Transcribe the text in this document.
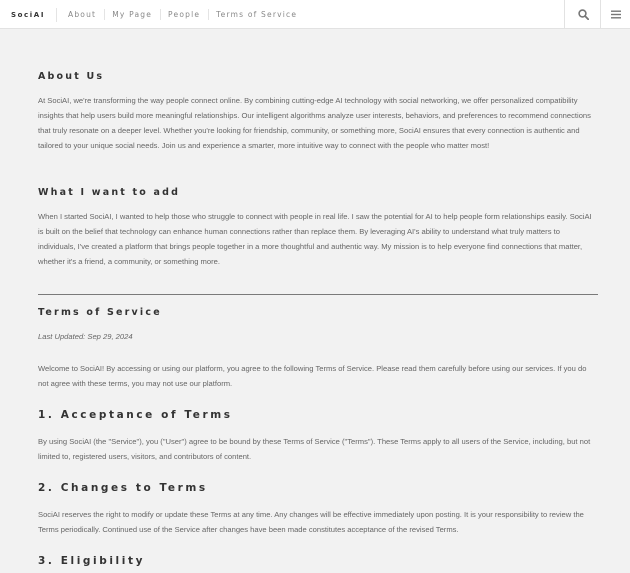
SociAI	About	My Page	People	Terms of Service
About Us

At SociAI, we're transforming the way people connect online. By combining cutting-edge AI technology with social networking, we offer personalized compatibility insights that help users build more meaningful relationships. Our intelligent algorithms analyze user interests, behaviors, and preferences to recommend connections that truly resonate on a deeper level. Whether you're looking for friendship, community, or something more, SociAI ensures that every connection is authentic and tailored to your unique social needs. Join us and experience a smarter, more intuitive way to connect with the people who matter most!

What I want to add

When I started SociAI, I wanted to help those who struggle to connect with people in real life. I saw the potential for AI to help people form relationships easily. SociAI is built on the belief that technology can enhance human connections rather than replace them. By leveraging AI's ability to understand what truly matters to individuals, I've created a platform that brings people together in a more thoughtful and authentic way. My mission is to help everyone find connections that matter, whether it's a friend, a community, or something more.

Terms of Service

Last Updated: Sep 29, 2024

Welcome to SociAI! By accessing or using our platform, you agree to the following Terms of Service. Please read them carefully before using our services. If you do not agree with these terms, you may not use our platform.

1. Acceptance of Terms

By using SociAI (the "Service"), you ("User") agree to be bound by these Terms of Service ("Terms"). These Terms apply to all users of the Service, including, but not limited to, registered users, visitors, and contributors of content.

2. Changes to Terms

SociAI reserves the right to modify or update these Terms at any time. Any changes will be effective immediately upon posting. It is your responsibility to review the Terms periodically. Continued use of the Service after changes have been made constitutes acceptance of the revised Terms.

3. Eligibility
